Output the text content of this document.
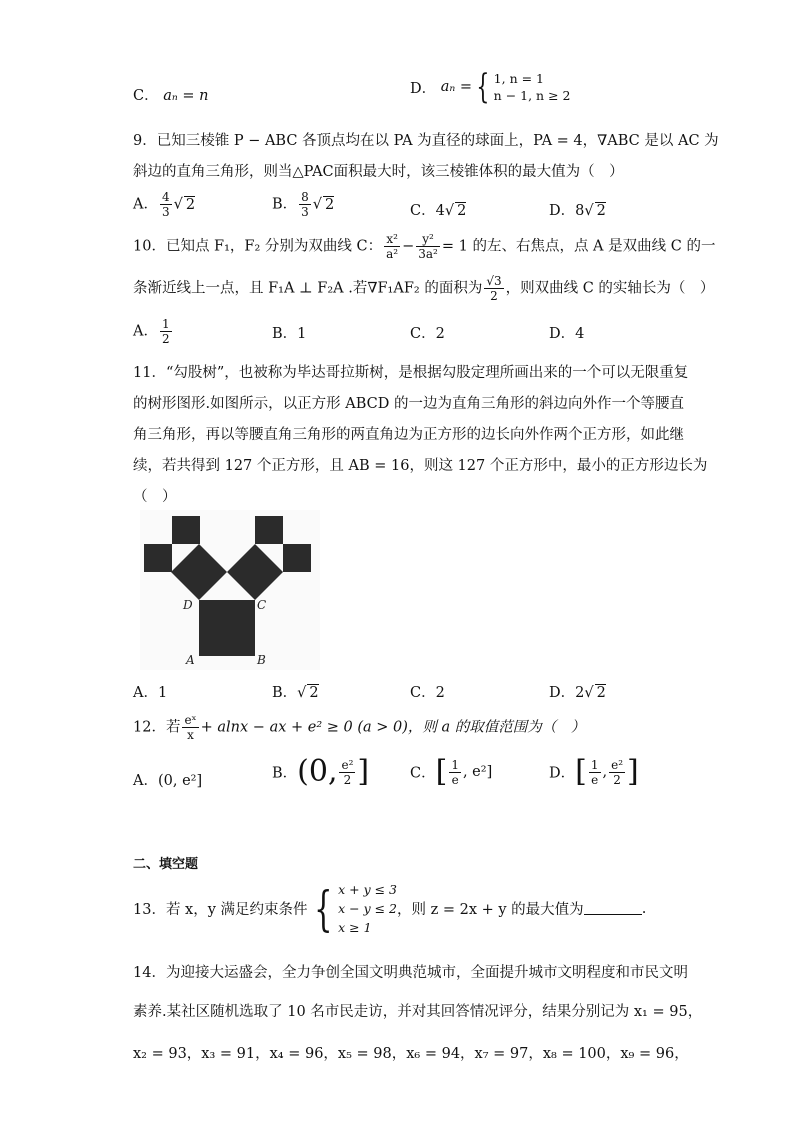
C． aₙ = n	D． aₙ = { 1, n = 1
n − 1, n ≥ 2
9．已知三棱锥 P − ABC 各顶点均在以 PA 为直径的球面上，PA = 4，∇ABC 是以 AC 为
斜边的直角三角形，则当△PAC面积最大时，该三棱锥体积的最大值为（　）
A． $\frac{4}{3}$ √ 2	B． $\frac{8}{3}$ √ 2	C．4√ 2	D．8√ 2
10．已知点 F₁，F₂ 分别为双曲线 C： $\frac{\text{x²}}{\text{a²}} - \frac{\text{y²}}{\text{3a²}} = 1$ 的左、右焦点，点 A 是双曲线 C 的一
条渐近线上一点，且 F₁A ⊥ F₂A .若∇F₁AF₂ 的面积为 $\frac{√3}{2}$ ，则双曲线 C 的实轴长为（　）
A． $\frac{1}{2}$	B．1	C．2	D．4
11．“勾股树”，也被称为毕达哥拉斯树，是根据勾股定理所画出来的一个可以无限重复
的树形图形.如图所示，以正方形 ABCD 的一边为直角三角形的斜边向外作一个等腰直
角三角形，再以等腰直角三角形的两直角边为正方形的边长向外作两个正方形，如此继
续，若共得到 127 个正方形，且 AB = 16，则这 127 个正方形中，最小的正方形边长为
（　）
D	C
A	B
A．1	B．√ 2	C．2	D．2√ 2
12．若 $\frac{\text{eˣ}}{x} + alnx$ − ax + e² ≥ 0 (a > 0)，则 a 的取值范围为（　）
A．(0, e²]	B．(0, $\frac{\text{e²}}{2}$ ]	C．[ $\frac{1}{e}$ , e²]	D．[ $\frac{1}{e}$ , $\frac{\text{e²}}{2}$ ]
二、填空题
13．若 x，y 满足约束条件 { x + y ≤ 3
x − y ≤ 2
x ≥ 1
，则 z = 2x + y 的最大值为	.
14．为迎接大运盛会，全力争创全国文明典范城市，全面提升城市文明程度和市民文明
素养.某社区随机选取了 10 名市民走访，并对其回答情况评分，结果分别记为 x₁ = 95，
x₂ = 93，x₃ = 91，x₄ = 96，x₅ = 98，x₆ = 94，x₇ = 97，x₈ = 100，x₉ = 96，
